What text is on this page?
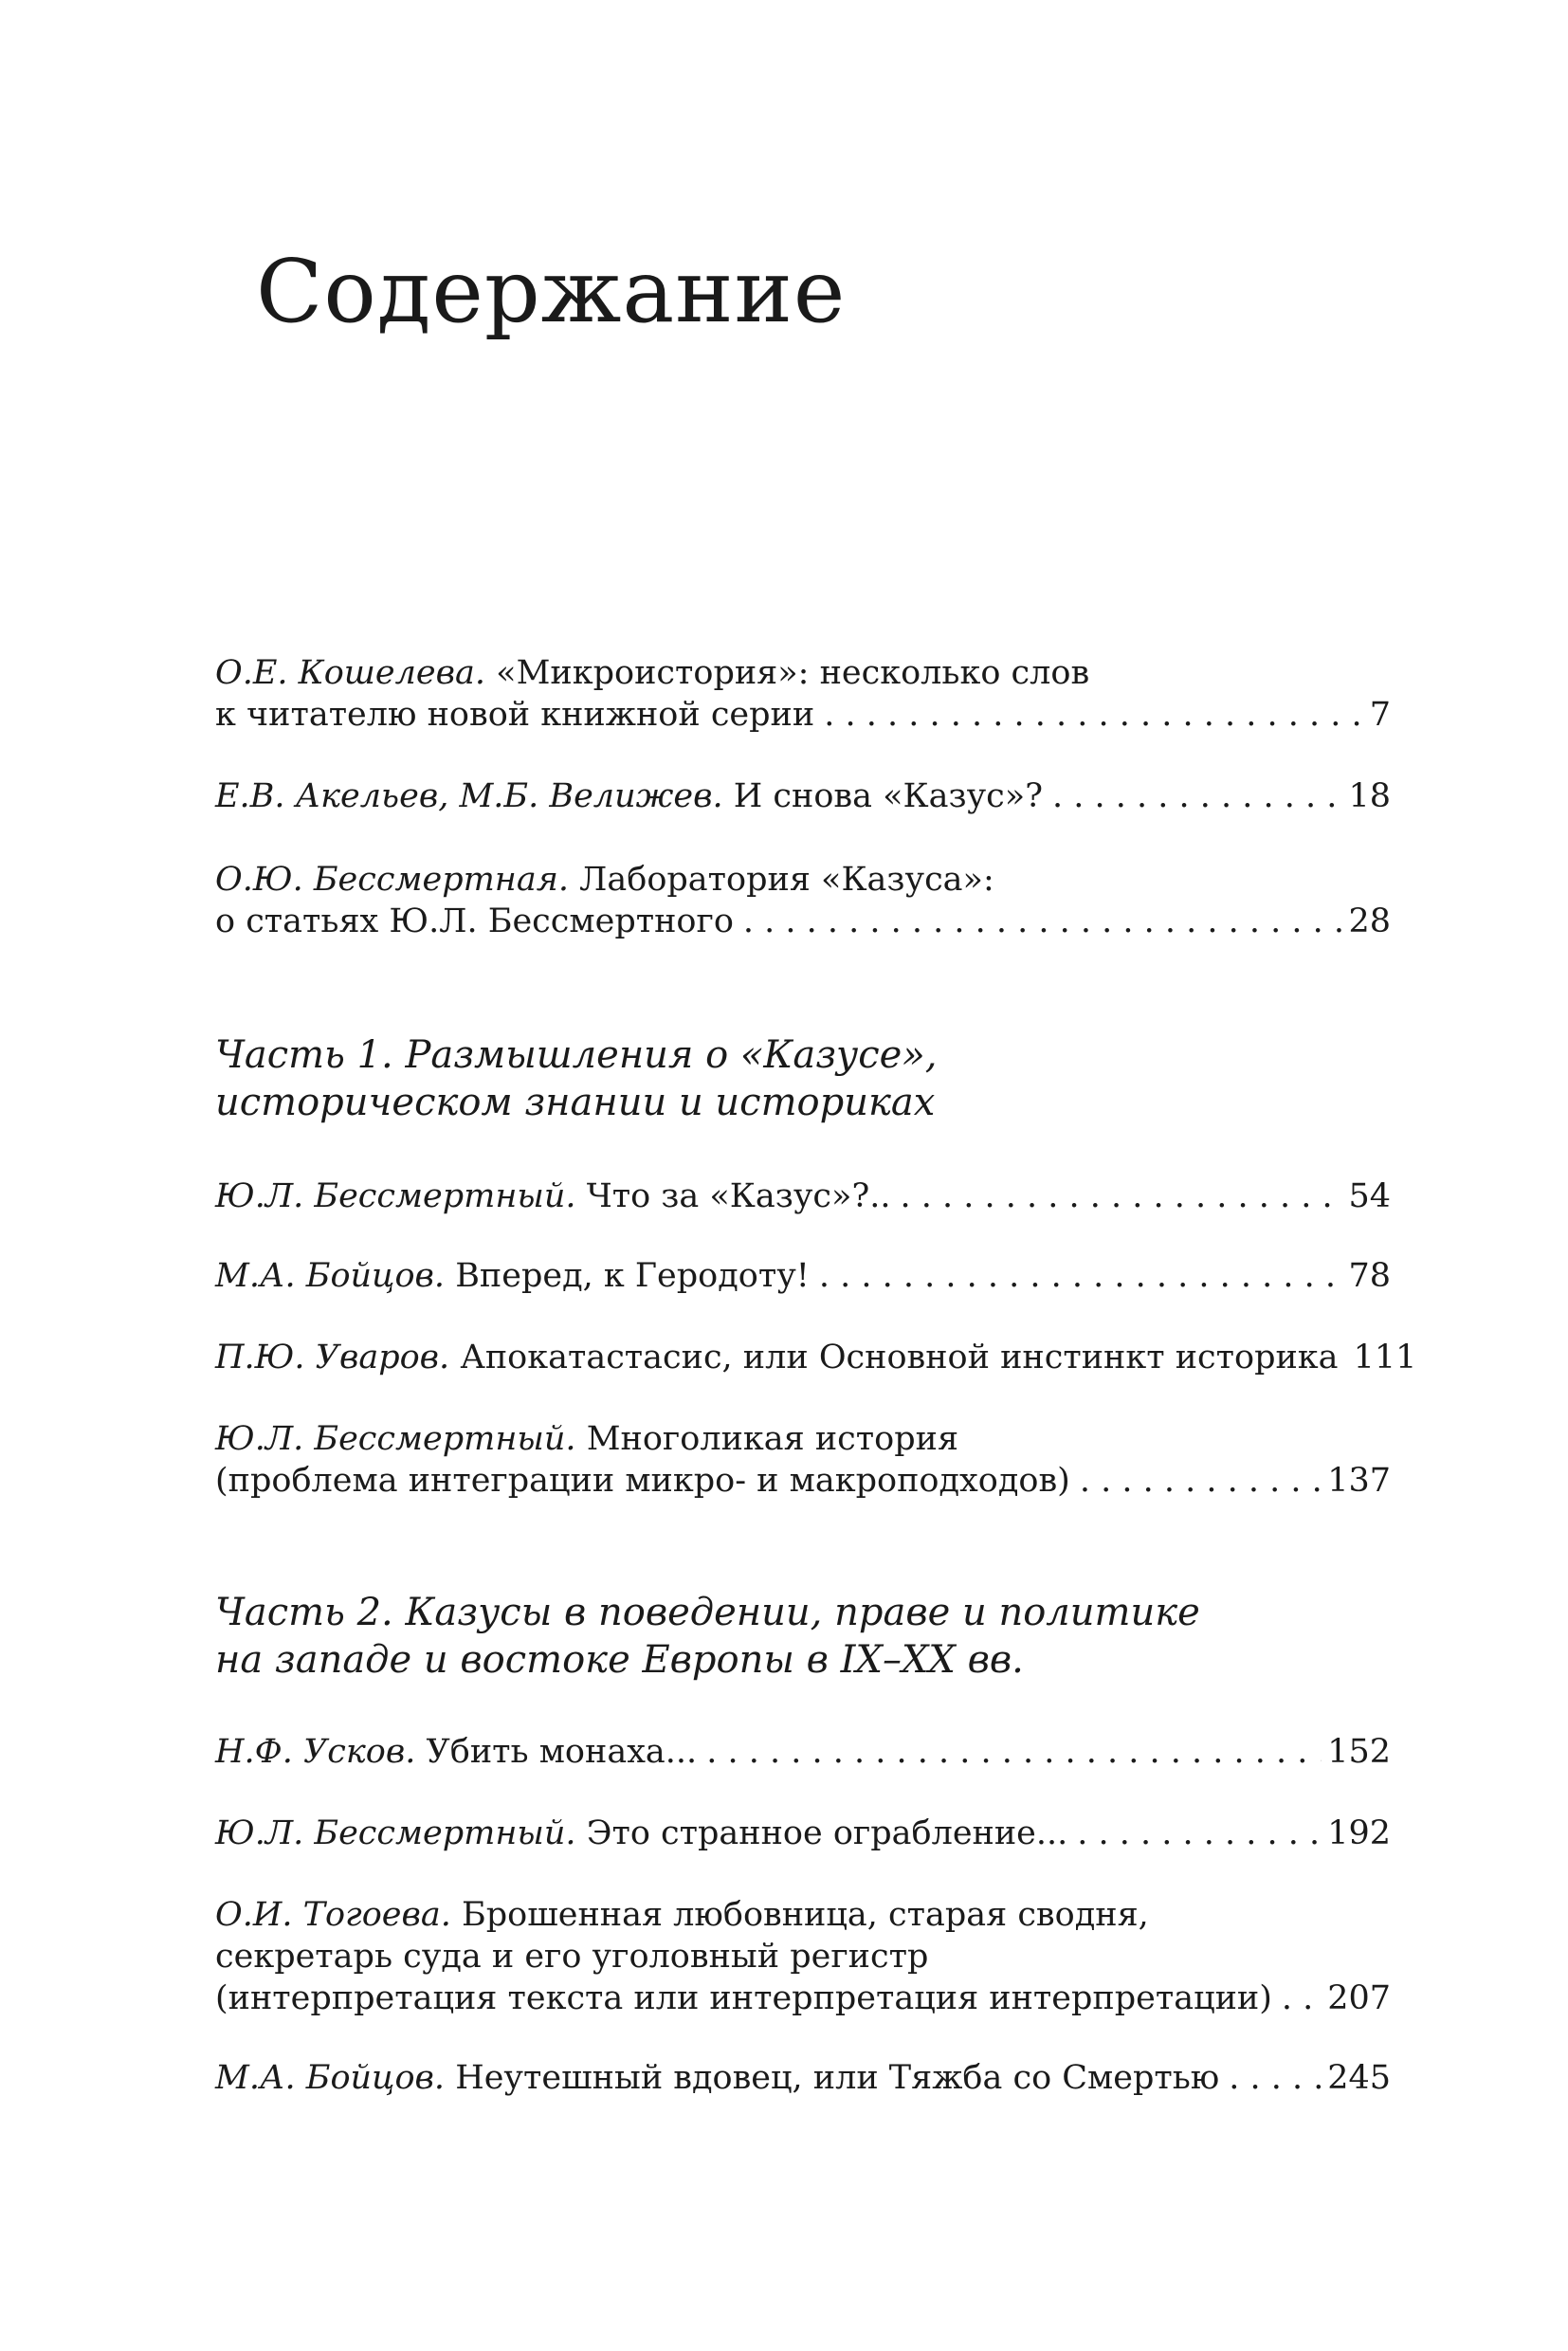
Содержание
О.Е. Кошелева.
«Микроистория»: несколько слов
к читателю новой книжной серии . . .	7
Е.В. Акельев, М.Б. Велижев.
И снова «Казус»? . . .	18
О.Ю. Бессмертная.
Лаборатория «Казуса»:
о статьях Ю.Л. Бессмертного . . .	28
Часть 1. Размышления о «Казусе»,
историческом знании и историках
Ю.Л. Бессмертный.
Что за «Казус»?.. . . .	54
М.А. Бойцов.
Вперед, к Геродоту! . . .	78
П.Ю. Уваров.
Апокатастасис, или Основной инстинкт историка 111
Ю.Л. Бессмертный.
Многоликая история
(проблема интеграции микро- и макроподходов) . . .	137
Часть 2. Казусы в поведении, праве и политике
на западе и востоке Европы в IX–XX вв.
Н.Ф. Усков.
Убить монаха... . . .	152
Ю.Л. Бессмертный.
Это странное ограбление... . . .	192
О.И. Тогоева.
Брошенная любовница, старая сводня,
секретарь суда и его уголовный регистр
(интерпретация текста или интерпретация интерпретации) . . . 207
М.А. Бойцов.
Неутешный вдовец, или Тяжба со Смертью . . .	245
